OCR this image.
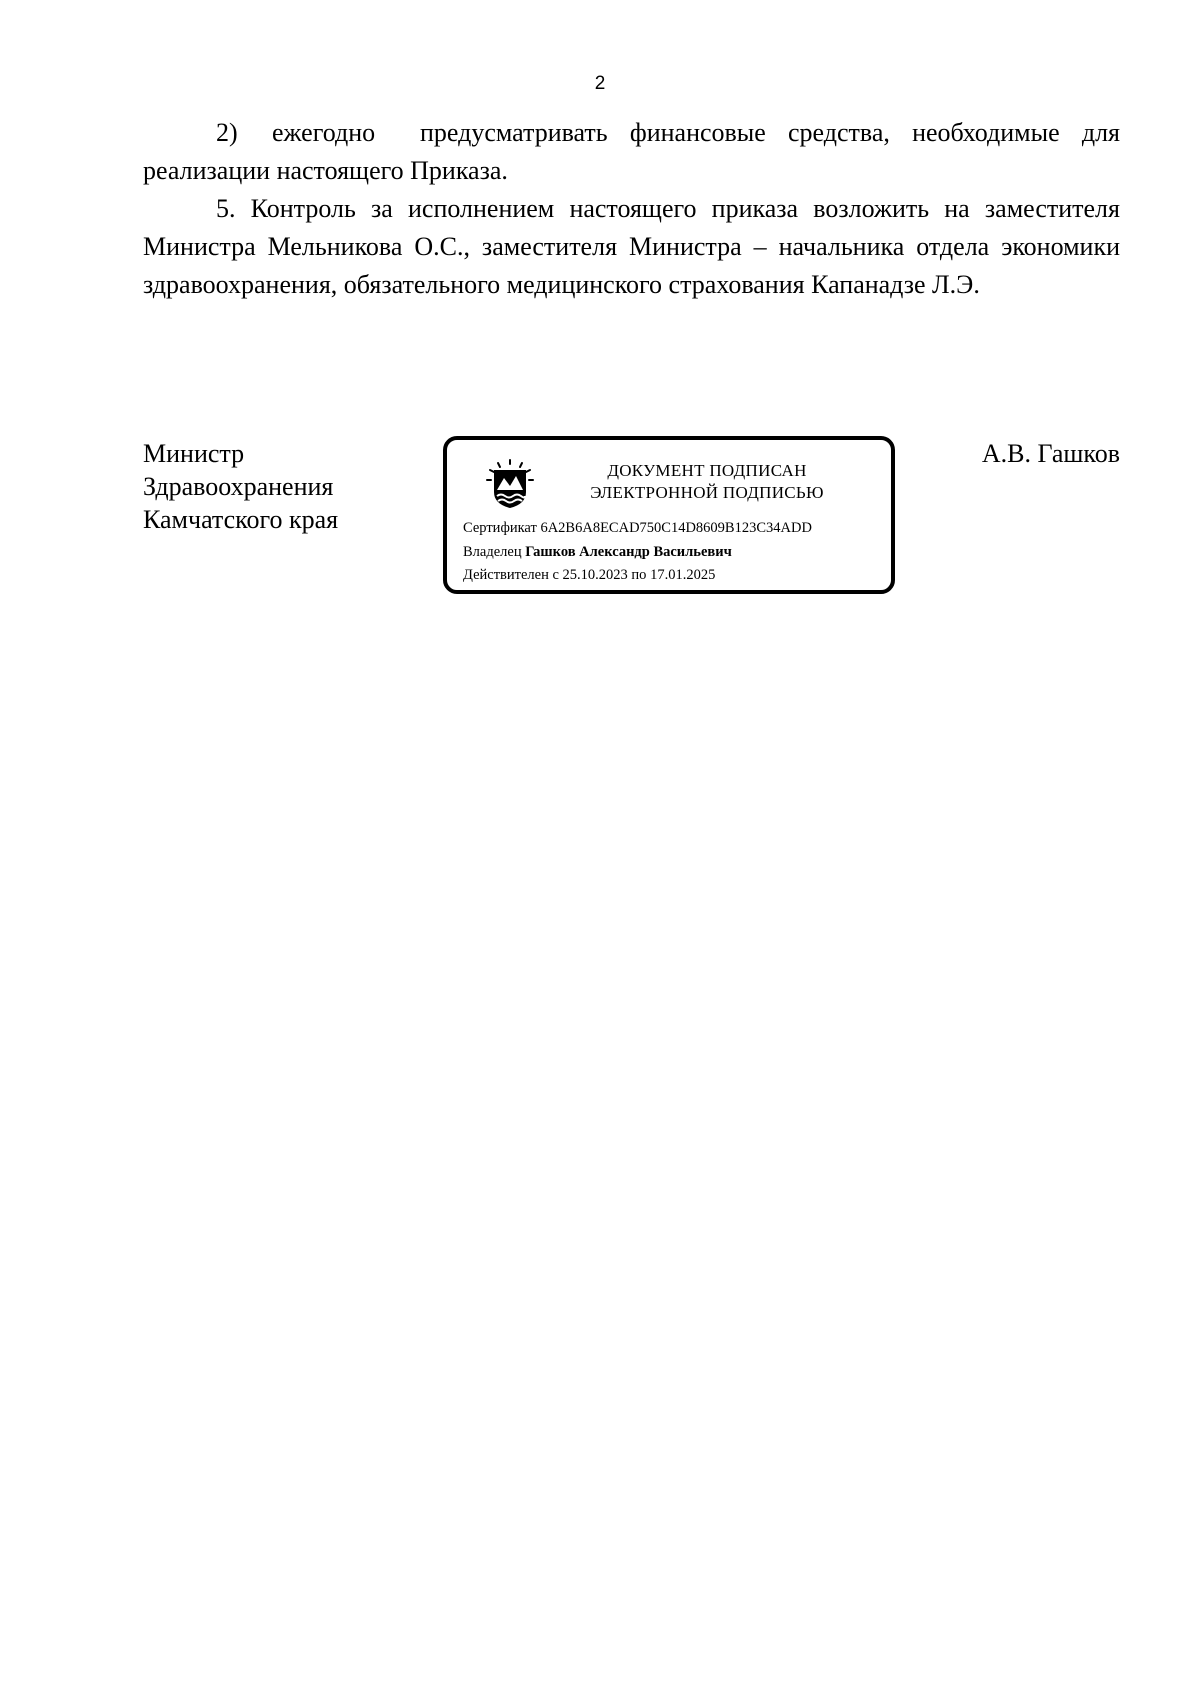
2

2) ежегодно предусматривать финансовые средства, необходимые для реализации настоящего Приказа.

5. Контроль за исполнением настоящего приказа возложить на заместителя Министра Мельникова О.С., заместителя Министра – начальника отдела экономики здравоохранения, обязательного медицинского страхования Капанадзе Л.Э.

Министр
Здравоохранения
Камчатского края
А.В. Гашков
ДОКУМЕНТ ПОДПИСАН
ЭЛЕКТРОННОЙ ПОДПИСЬЮ
Сертификат 6A2B6A8ECAD750C14D8609B123C34ADD
Владелец Гашков Александр Васильевич
Действителен с 25.10.2023 по 17.01.2025
